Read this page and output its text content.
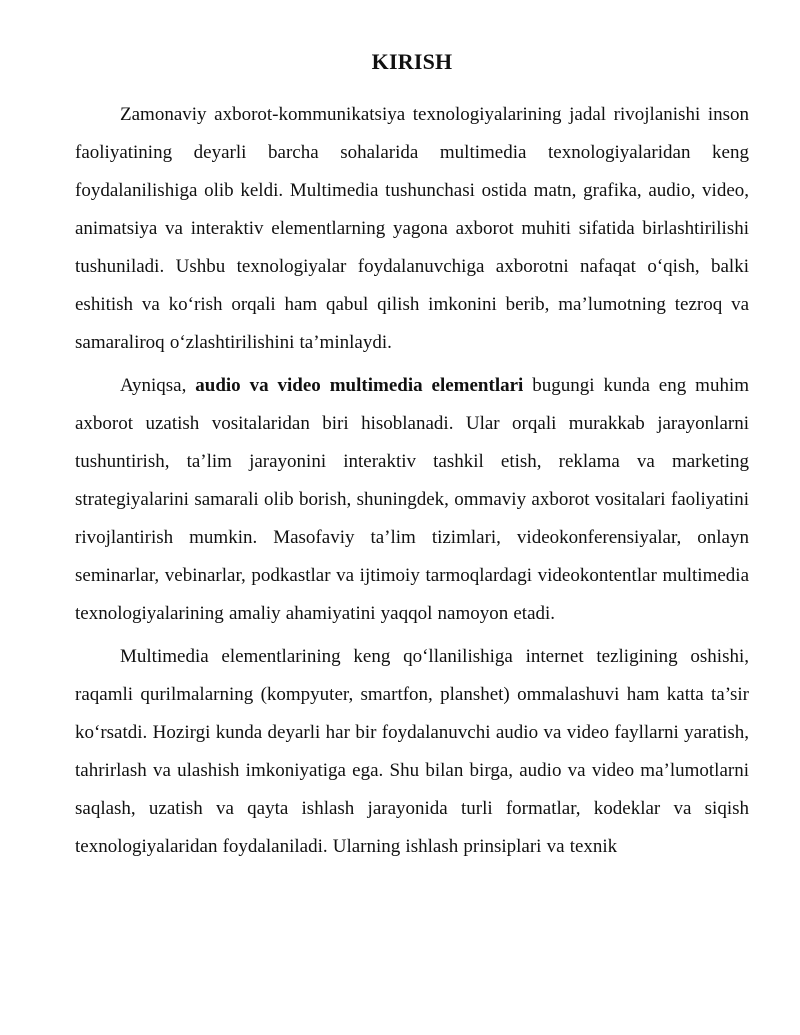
KIRISH

Zamonaviy axborot-kommunikatsiya texnologiyalarining jadal rivojlanishi inson faoliyatining deyarli barcha sohalarida multimedia texnologiyalaridan keng foydalanilishiga olib keldi. Multimedia tushunchasi ostida matn, grafika, audio, video, animatsiya va interaktiv elementlarning yagona axborot muhiti sifatida birlashtirilishi tushuniladi. Ushbu texnologiyalar foydalanuvchiga axborotni nafaqat o‘qish, balki eshitish va ko‘rish orqali ham qabul qilish imkonini berib, ma’lumotning tezroq va samaraliroq o‘zlashtirilishini ta’minlaydi.

Ayniqsa, audio va video multimedia elementlari bugungi kunda eng muhim axborot uzatish vositalaridan biri hisoblanadi. Ular orqali murakkab jarayonlarni tushuntirish, ta’lim jarayonini interaktiv tashkil etish, reklama va marketing strategiyalarini samarali olib borish, shuningdek, ommaviy axborot vositalari faoliyatini rivojlantirish mumkin. Masofaviy ta’lim tizimlari, videokonferensiyalar, onlayn seminarlar, vebinarlar, podkastlar va ijtimoiy tarmoqlardagi videokontentlar multimedia texnologiyalarining amaliy ahamiyatini yaqqol namoyon etadi.

Multimedia elementlarining keng qo‘llanilishiga internet tezligining oshishi, raqamli qurilmalarning (kompyuter, smartfon, planshet) ommalashuvi ham katta ta’sir ko‘rsatdi. Hozirgi kunda deyarli har bir foydalanuvchi audio va video fayllarni yaratish, tahrirlash va ulashish imkoniyatiga ega. Shu bilan birga, audio va video ma’lumotlarni saqlash, uzatish va qayta ishlash jarayonida turli formatlar, kodeklar va siqish texnologiyalaridan foydalaniladi. Ularning ishlash prinsiplari va texnik
